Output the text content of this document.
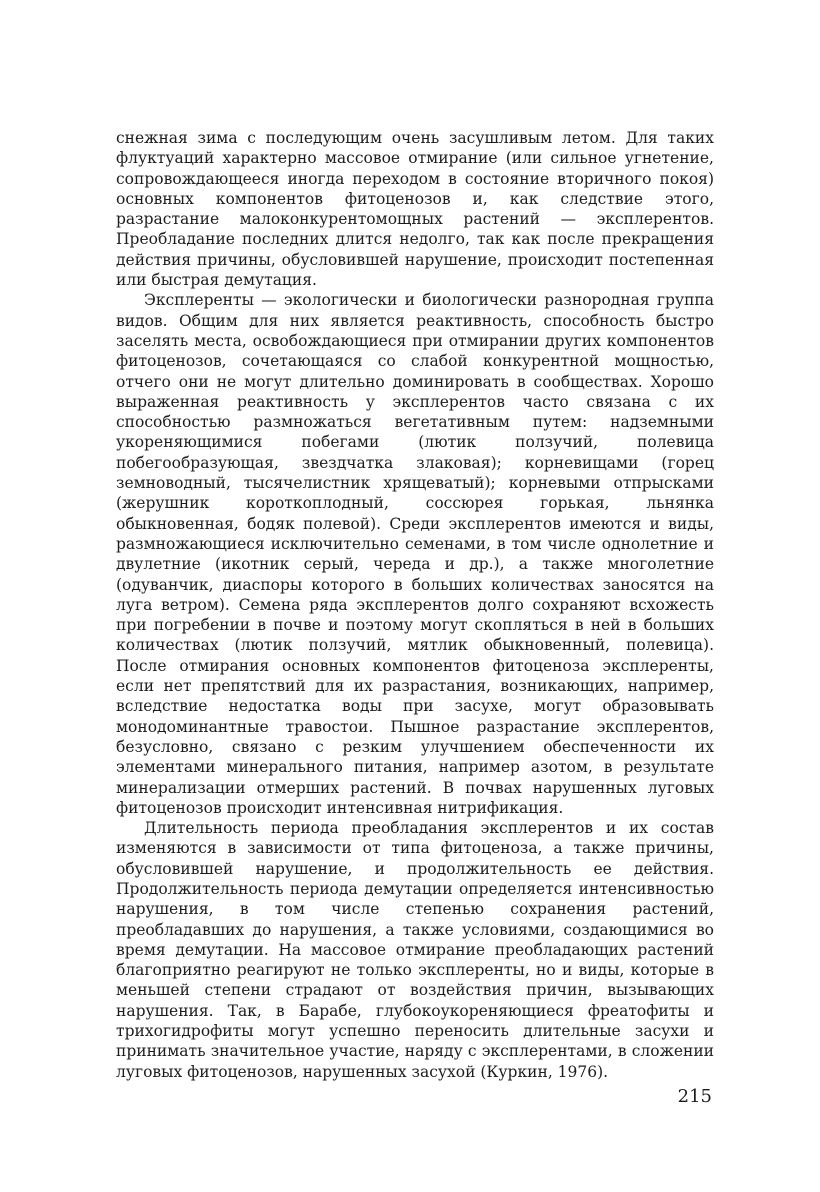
снежная зима с последующим очень засушливым летом. Для таких флуктуаций характерно массовое отмирание (или сильное угнетение, сопровождающееся иногда переходом в состояние вторичного покоя) основных компонентов фитоценозов и, как следствие этого, разрастание малоконкурентомощных растений — эксплерентов. Преобладание последних длится недолго, так как после прекращения действия причины, обусловившей нарушение, происходит постепенная или быстрая демутация.

Эксплеренты — экологически и биологически разнородная группа видов. Общим для них является реактивность, способность быстро заселять места, освобождающиеся при отмирании других компонентов фитоценозов, сочетающаяся со слабой конкурентной мощностью, отчего они не могут длительно доминировать в сообществах. Хорошо выраженная реактивность у эксплерентов часто связана с их способностью размножаться вегетативным путем: надземными укореняющимися побегами (лютик ползучий, полевица побегообразующая, звездчатка злаковая); корневищами (горец земноводный, тысячелистник хрящеватый); корневыми отпрысками (жерушник короткоплодный, соссюрея горькая, льнянка обыкновенная, бодяк полевой). Среди эксплерентов имеются и виды, размножающиеся исключительно семенами, в том числе однолетние и двулетние (икотник серый, череда и др.), а также многолетние (одуванчик, диаспоры которого в больших количествах заносятся на луга ветром). Семена ряда эксплерентов долго сохраняют всхожесть при погребении в почве и поэтому могут скопляться в ней в больших количествах (лютик ползучий, мятлик обыкновенный, полевица). После отмирания основных компонентов фитоценоза эксплеренты, если нет препятствий для их разрастания, возникающих, например, вследствие недостатка воды при засухе, могут образовывать монодоминантные травостои. Пышное разрастание эксплерентов, безусловно, связано с резким улучшением обеспеченности их элементами минерального питания, например азотом, в результате минерализации отмерших растений. В почвах нарушенных луговых фитоценозов происходит интенсивная нитрификация.

Длительность периода преобладания эксплерентов и их состав изменяются в зависимости от типа фитоценоза, а также причины, обусловившей нарушение, и продолжительность ее действия. Продолжительность периода демутации определяется интенсивностью нарушения, в том числе степенью сохранения растений, преобладавших до нарушения, а также условиями, создающимися во время демутации. На массовое отмирание преобладающих растений благоприятно реагируют не только эксплеренты, но и виды, которые в меньшей степени страдают от воздействия причин, вызывающих нарушения. Так, в Барабе, глубокоукореняющиеся фреатофиты и трихогидрофиты могут успешно переносить длительные засухи и принимать значительное участие, наряду с эксплерентами, в сложении луговых фитоценозов, нарушенных засухой (Куркин, 1976).

215
